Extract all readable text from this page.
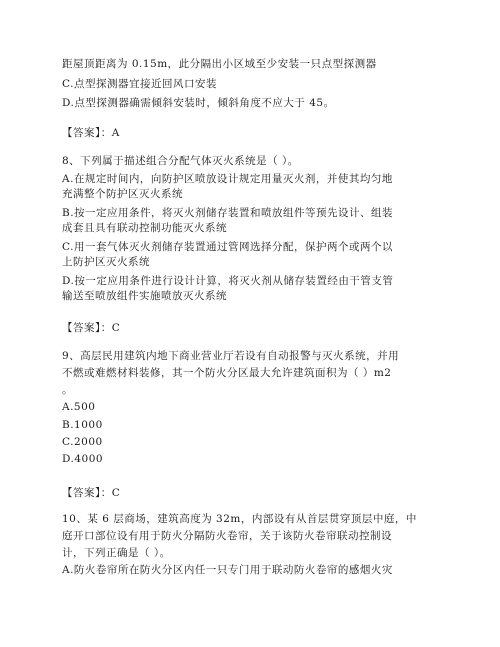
距屋顶距离为 0.15m，此分隔出小区域至少安装一只点型探测器
C.点型探测器宜接近回风口安装
D.点型探测器确需倾斜安装时，倾斜角度不应大于 45。
【答案】：A
8、下列属于描述组合分配气体灭火系统是（ ）。
A.在规定时间内，向防护区喷放设计规定用量灭火剂，并使其均匀地
充满整个防护区灭火系统
B.按一定应用条件，将灭火剂储存装置和喷放组件等预先设计、组装
成套且具有联动控制功能灭火系统
C.用一套气体灭火剂储存装置通过管网选择分配，保护两个或两个以
上防护区灭火系统
D.按一定应用条件进行设计计算，将灭火剂从储存装置经由干管支管
输送至喷放组件实施喷放灭火系统
【答案】：C
9、高层民用建筑内地下商业营业厅若设有自动报警与灭火系统，并用
不燃或难燃材料装修，其一个防火分区最大允许建筑面积为（ ）m2
。
A.500
B.1000
C.2000
D.4000
【答案】：C
10、某 6 层商场，建筑高度为 32m，内部设有从首层贯穿顶层中庭，中
庭开口部位设有用于防火分隔防火卷帘，关于该防火卷帘联动控制设
计，下列正确是（ ）。
A.防火卷帘所在防火分区内任一只专门用于联动防火卷帘的感烟火灾
